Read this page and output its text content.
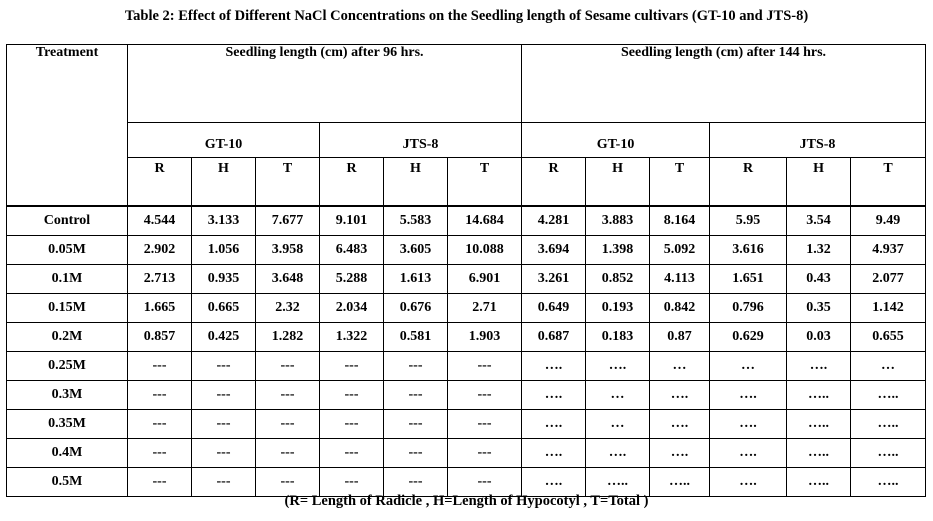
Table 2: Effect of Different NaCl Concentrations on the Seedling length of Sesame cultivars (GT-10 and JTS-8)
Treatment	Seedling length (cm) after 96 hrs.						Seedling length (cm) after 144 hrs.					
	GT-10			JTS-8			GT-10			JTS-8		
	R	H	T	R	H	T	R	H	T	R	H	T
Control	4.544	3.133	7.677	9.101	5.583	14.684	4.281	3.883	8.164	5.95	3.54	9.49
0.05M	2.902	1.056	3.958	6.483	3.605	10.088	3.694	1.398	5.092	3.616	1.32	4.937
0.1M	2.713	0.935	3.648	5.288	1.613	6.901	3.261	0.852	4.113	1.651	0.43	2.077
0.15M	1.665	0.665	2.32	2.034	0.676	2.71	0.649	0.193	0.842	0.796	0.35	1.142
0.2M	0.857	0.425	1.282	1.322	0.581	1.903	0.687	0.183	0.87	0.629	0.03	0.655
0.25M	---	---	---	---	---	---	….	….	…	…	….	…
0.3M	---	---	---	---	---	---	….	…	….	….	…..	…..
0.35M	---	---	---	---	---	---	….	…	….	….	…..	…..
0.4M	---	---	---	---	---	---	….	….	….	….	…..	…..
0.5M	---	---	---	---	---	---	….	…..	…..	….	…..	…..
(R= Length of Radicle , H=Length of Hypocotyl , T=Total )
